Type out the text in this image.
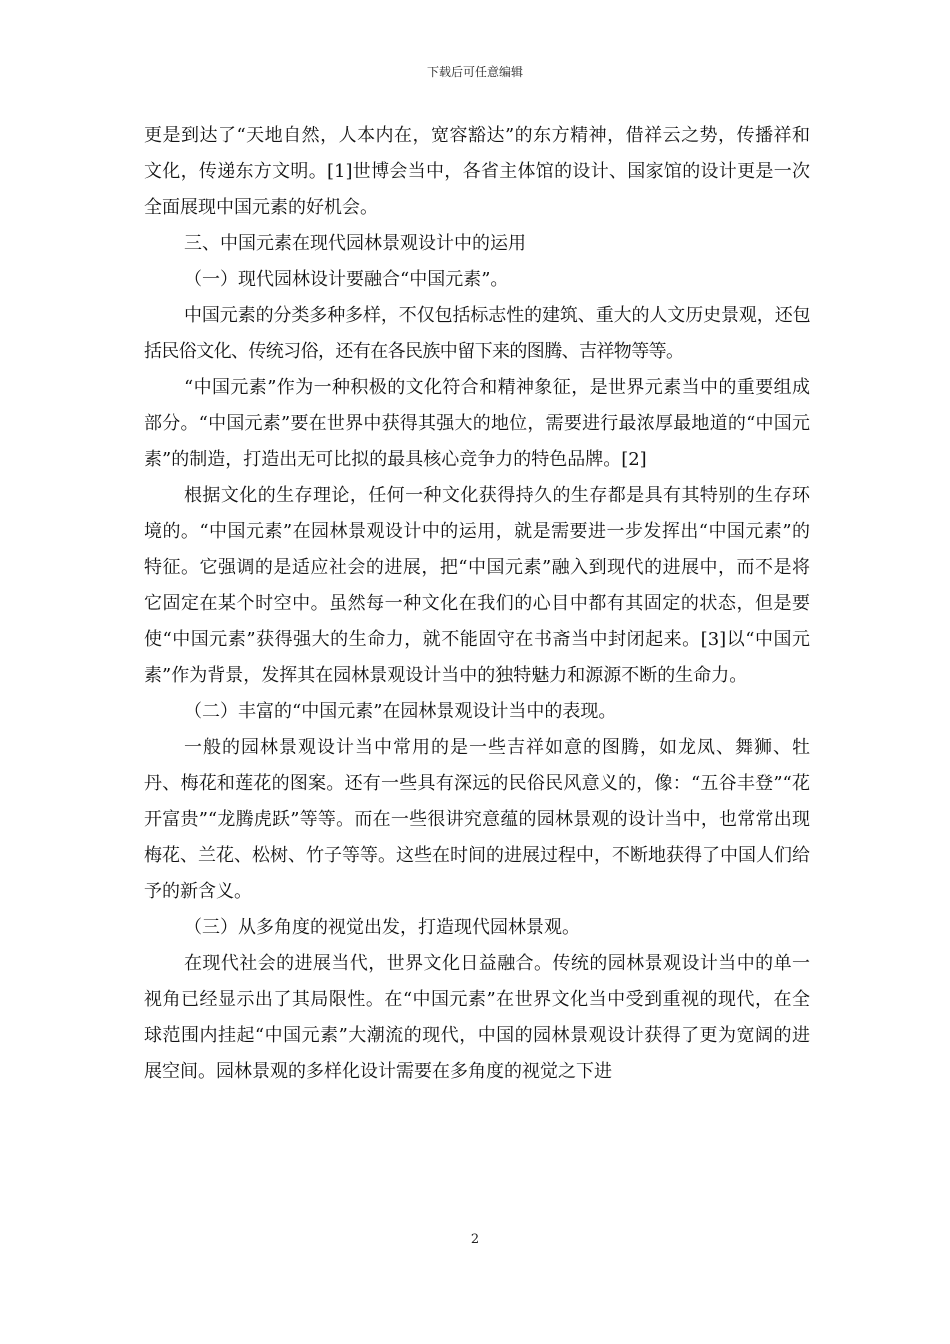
下载后可任意编辑

更是到达了“天地自然，人本内在，宽容豁达”的东方精神，借祥云之势，传播祥和文化，传递东方文明。[1]世博会当中，各省主体馆的设计、国家馆的设计更是一次全面展现中国元素的好机会。

三、中国元素在现代园林景观设计中的运用

（一）现代园林设计要融合“中国元素”。

中国元素的分类多种多样，不仅包括标志性的建筑、重大的人文历史景观，还包括民俗文化、传统习俗，还有在各民族中留下来的图腾、吉祥物等等。

“中国元素”作为一种积极的文化符合和精神象征，是世界元素当中的重要组成部分。“中国元素”要在世界中获得其强大的地位，需要进行最浓厚最地道的“中国元素”的制造，打造出无可比拟的最具核心竞争力的特色品牌。[2]

根据文化的生存理论，任何一种文化获得持久的生存都是具有其特别的生存环境的。“中国元素”在园林景观设计中的运用，就是需要进一步发挥出“中国元素”的特征。它强调的是适应社会的进展，把“中国元素”融入到现代的进展中，而不是将它固定在某个时空中。虽然每一种文化在我们的心目中都有其固定的状态，但是要使“中国元素”获得强大的生命力，就不能固守在书斋当中封闭起来。[3]以“中国元素”作为背景，发挥其在园林景观设计当中的独特魅力和源源不断的生命力。

（二）丰富的“中国元素”在园林景观设计当中的表现。

一般的园林景观设计当中常用的是一些吉祥如意的图腾，如龙凤、舞狮、牡丹、梅花和莲花的图案。还有一些具有深远的民俗民风意义的，像：“五谷丰登”“花开富贵”“龙腾虎跃”等等。而在一些很讲究意蕴的园林景观的设计当中，也常常出现梅花、兰花、松树、竹子等等。这些在时间的进展过程中，不断地获得了中国人们给予的新含义。

（三）从多角度的视觉出发，打造现代园林景观。

在现代社会的进展当代，世界文化日益融合。传统的园林景观设计当中的单一视角已经显示出了其局限性。在“中国元素”在世界文化当中受到重视的现代，在全球范围内挂起“中国元素”大潮流的现代，中国的园林景观设计获得了更为宽阔的进展空间。园林景观的多样化设计需要在多角度的视觉之下进

2
